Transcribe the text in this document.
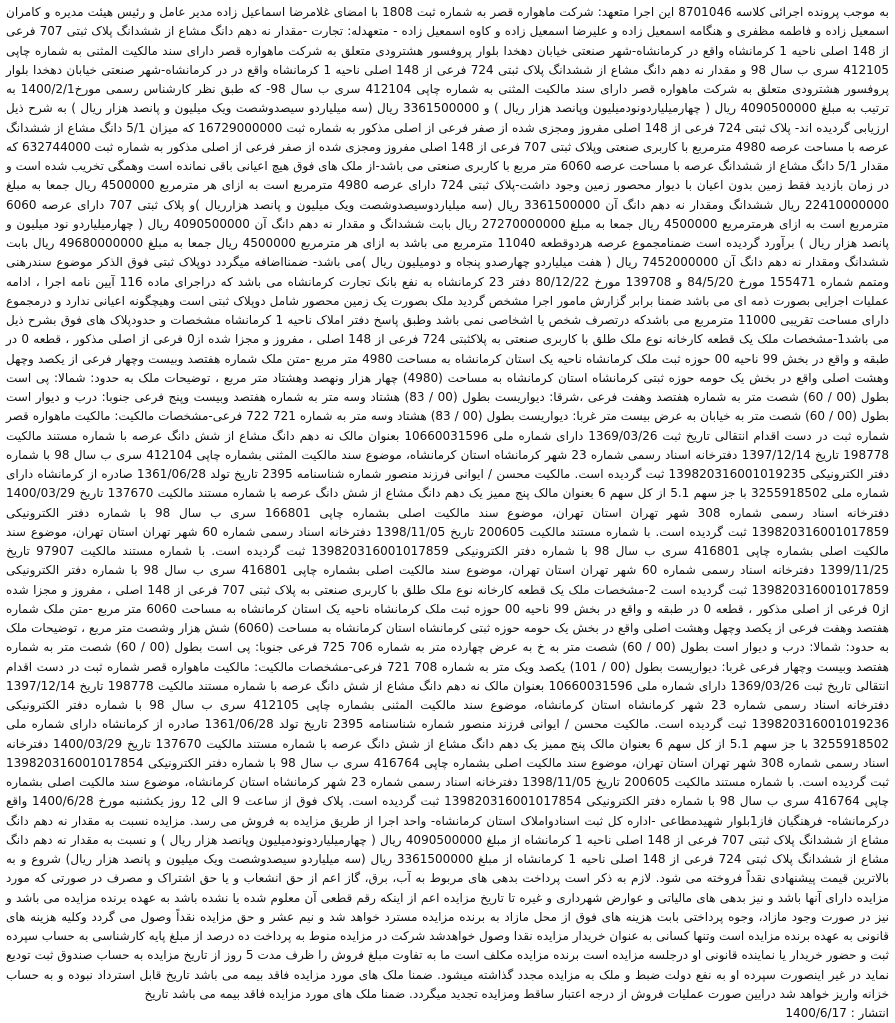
به موجب پرونده اجرائی کلاسه 8701046 این اجرا متعهد: شرکت ماهواره قصر به شماره ثبت 1808 با امضای غلامرضا اسماعیل زاده مدیر عامل و رئیس هیئت مدیره و کامران اسمعیل زاده و فاطمه مظفری و هنگامه اسمعیل زاده و علیرضا اسمعیل زاده و کاوه اسمعیل زاده - متعهدله: تجارت -مقدار نه دهم دانگ مشاع از ششدانگ پلاک ثبتی 707 فرعی از 148 اصلی ناحیه 1 کرمانشاه واقع در کرمانشاه-شهر صنعتی خیابان دهخدا بلوار پروفسور هشترودی متعلق به شرکت ماهواره قصر دارای سند مالکیت المثنی به شماره چاپی 412105 سری ب سال 98 و مقدار نه دهم دانگ مشاع از ششدانگ پلاک ثبتی 724 فرعی از 148 اصلی ناحیه 1 کرمانشاه واقع در در کرمانشاه-شهر صنعتی خیابان دهخدا بلوار پروفسور هشترودی متعلق به شرکت ماهواره قصر دارای سند مالکیت المثنی به شماره چاپی 412104 سری ب سال 98- که طبق نظر کارشناس رسمی مورخ1400/2/1 به ترتیب به مبلغ 4090500000 ریال ( چهارمیلیاردونودمیلیون وپانصد هزار ریال ) و 3361500000 ریال (سه میلیاردو سیصدوشصت ویک میلیون و پانصد هزار ریال ) به شرح ذیل ارزیابی گردیده اند- پلاک ثبتی 724 فرعی از 148 اصلی مفروز ومجزی شده از صفر فرعی از اصلی مذکور به شماره ثبت 16729000000 که میزان 5/1 دانگ مشاع از ششدانگ عرصه با مساحت عرصه 4980 مترمربع با کاربری صنعتی وپلاک ثبتی 707 فرعی از 148 اصلی مفروز ومجزی شده از صفر فرعی از اصلی مذکور به شماره ثبت 632744000 که مقدار 5/1 دانگ مشاع از ششدانگ عرصه با مساحت عرصه 6060 متر مربع با کاربری صنعتی می باشد-از ملک های فوق هیچ اعیانی باقی نمانده است وهمگی تخریب شده است و در زمان بازدید فقط زمین بدون اعیان با دیوار محصور زمین وجود داشت-پلاک ثبتی 724 دارای عرصه 4980 مترمربع است به ازای هر مترمربع 4500000 ریال جمعا به مبلغ 22410000000 ریال ششدانگ ومقدار نه دهم دانگ آن 3361500000 ریال (سه میلیاردوسیصدوشصت ویک میلیون و پانصد هزارریال )و پلاک ثبتی 707 دارای عرصه 6060 مترمربع است به ازای هرمترمربع 4500000 ریال جمعا به مبلغ 27270000000 ریال بابت ششدانگ و مقدار نه دهم دانگ آن 4090500000 ریال ( چهارمیلیاردو نود میلیون و پانصد هزار ریال ) برآورد گردیده است ضمنامجموع عرصه هردوقطعه 11040 مترمربع می باشد به ازای هر مترمربع 4500000 ریال جمعا به مبلغ 49680000000 ریال بابت ششدانگ ومقدار نه دهم دانگ آن 7452000000 ریال ( هفت میلیاردو چهارصدو پنجاه و دومیلیون ریال )می باشد- ضمنااضافه میگردد دوپلاک ثبتی فوق الذکر موضوع سندرهنی ومتمم شماره 155471 مورخ 84/5/20 و 139708 مورخ 80/12/22 دفتر 23 کرمانشاه به نفع بانک تجارت کرمانشاه می باشد که دراجرای ماده 116 آیین نامه اجرا ، ادامه عملیات اجرایی بصورت ذمه ای می باشد ضمنا برابر گزارش مامور اجرا مشخص گردید ملک بصورت یک زمین محصور شامل دوپلاک ثبتی است وهیچگونه اعیانی ندارد و درمجموع دارای مساحت تقریبی 11000 مترمربع می باشدکه درتصرف شخص یا اشخاصی نمی باشد وطبق پاسخ دفتر املاک ناحیه 1 کرمانشاه مشخصات و حدودپلاک های فوق بشرح ذیل می باشد1-مشخصات ملک یک قطعه کارخانه نوع ملک طلق با کاربری صنعتی به پلاکثبتی 724 فرعی از 148 اصلی ، مفروز و مجزا شده از0 فرعی از اصلی مذکور ، قطعه 0 در طبقه و واقع در بخش 99 ناحیه 00 حوزه ثبت ملک کرمانشاه ناحیه یک استان کرمانشاه به مساحت 4980 متر مربع -متن ملک شماره هفتصد وبیست وچهار فرعی از یکصد وچهل وهشت اصلی واقع در بخش یک حومه حوزه ثبتی کرمانشاه استان کرمانشاه به مساحت (4980) چهار هزار ونهصد وهشتاد متر مربع ، توضیحات ملک به حدود: شمالا: پی است بطول (00 / 60) شصت متر به شماره هفتصد وهفت فرعی ،شرقا: دیواریست بطول (00 / 83) هشتاد وسه متر به شماره هفتصد وبیست وپنج فرعی جنوبا: درب و دیوار است بطول (00 / 60) شصت متر به خیابان به عرض بیست متر غربا: دیواریست بطول (00 / 83) هشتاد وسه متر به شماره 721 722 فرعی-مشخصات مالکیت: مالکیت ماهواره قصر شماره ثبت در دست اقدام انتقالی تاریخ ثبت 1369/03/26 دارای شماره ملی 10660031596 بعنوان مالک نه دهم دانگ مشاع از شش دانگ عرصه با شماره مستند مالکیت 198778 تاریخ 1397/12/14 دفترخانه اسناد رسمی شماره 23 شهر کرمانشاه استان کرمانشاه، موضوع سند مالکیت المثنی بشماره چاپی 412104 سری ب سال 98 با شماره دفتر الکترونیکی 139820316001019235 ثبت گردیده است. مالکیت محسن / ایوانی فرزند منصور شماره شناسنامه 2395 تاریخ تولد 1361/06/28 صادره از کرمانشاه دارای شماره ملی 3255918502 با جز سهم 5.1 از کل سهم 6 بعنوان مالک پنج ممیز یک دهم دانگ مشاع از شش دانگ عرصه با شماره مستند مالکیت 137670 تاریخ 1400/03/29 دفترخانه اسناد رسمی شماره 308 شهر تهران استان تهران، موضوع سند مالکیت اصلی بشماره چاپی 166801 سری ب سال 98 با شماره دفتر الکترونیکی 139820316001017859 ثبت گردیده است. با شماره مستند مالکیت 200605 تاریخ 1398/11/05 دفترخانه اسناد رسمی شماره 60 شهر تهران استان تهران، موضوع سند مالکیت اصلی بشماره چاپی 416801 سری ب سال 98 با شماره دفتر الکترونیکی 139820316001017859 ثبت گردیده است. با شماره مستند مالکیت 97907 تاریخ 1399/11/25 دفترخانه اسناد رسمی شماره 60 شهر تهران استان تهران، موضوع سند مالکیت اصلی بشماره چاپی 416801 سری ب سال 98 با شماره دفتر الکترونیکی 139820316001017859 ثبت گردیده است 2-مشخصات ملک یک قطعه کارخانه نوع ملک طلق با کاربری صنعتی به پلاک ثبتی 707 فرعی از 148 اصلی ، مفروز و مجزا شده از0 فرعی از اصلی مذکور ، قطعه 0 در طبقه و واقع در بخش 99 ناحیه 00 حوزه ثبت ملک کرمانشاه ناحیه یک استان کرمانشاه به مساحت 6060 متر مربع -متن ملک شماره هفتصد وهفت فرعی از یکصد وچهل وهشت اصلی واقع در بخش یک حومه حوزه ثبتی کرمانشاه استان کرمانشاه به مساحت (6060) شش هزار وشصت متر مربع ، توضیحات ملک به حدود: شمالا: درب و دیوار است بطول (00 / 60) شصت متر به خ به عرض چهارده متر به شماره 706 725 فرعی جنوبا: پی است بطول (00 / 60) شصت متر به شماره هفتصد وبیست وچهار فرعی غربا: دیواریست بطول (00 / 101) یکصد ویک متر به شماره 708 721 فرعی-مشخصات مالکیت: مالکیت ماهواره قصر شماره ثبت در دست اقدام انتقالی تاریخ ثبت 1369/03/26 دارای شماره ملی 10660031596 بعنوان مالک نه دهم دانگ مشاع از شش دانگ عرصه با شماره مستند مالکیت 198778 تاریخ 1397/12/14 دفترخانه اسناد رسمی شماره 23 شهر کرمانشاه استان کرمانشاه، موضوع سند مالکیت المثنی بشماره چاپی 412105 سری ب سال 98 با شماره دفتر الکترونیکی 139820316001019236 ثبت گردیده است. مالکیت محسن / ایوانی فرزند منصور شماره شناسنامه 2395 تاریخ تولد 1361/06/28 صادره از کرمانشاه دارای شماره ملی 3255918502 با جز سهم 5.1 از کل سهم 6 بعنوان مالک پنج ممیز یک دهم دانگ مشاع از شش دانگ عرصه با شماره مستند مالکیت 137670 تاریخ 1400/03/29 دفترخانه اسناد رسمی شماره 308 شهر تهران استان تهران، موضوع سند مالکیت اصلی بشماره چاپی 416764 سری ب سال 98 با شماره دفتر الکترونیکی 139820316001017854 ثبت گردیده است. با شماره مستند مالکیت 200605 تاریخ 1398/11/05 دفترخانه اسناد رسمی شماره 23 شهر کرمانشاه استان کرمانشاه، موضوع سند مالکیت اصلی بشماره چاپی 416764 سری ب سال 98 با شماره دفتر الکترونیکی 139820316001017854 ثبت گردیده است. پلاک فوق از ساعت 9 الی 12 روز یکشنبه مورخ 1400/6/28 واقع درکرمانشاه- فرهنگیان فاز1بلوار شهیدمطاعی -اداره کل ثبت اسنادواملاک استان کرمانشاه- واحد اجرا از طریق مزایده به فروش می رسد. مزایده نسبت به مقدار نه دهم دانگ مشاع از ششدانگ پلاک ثبتی 707 فرعی از 148 اصلی ناحیه 1 کرمانشاه از مبلغ 4090500000 ریال ( چهارمیلیاردونودمیلیون وپانصد هزار ریال ) و نسبت به مقدار نه دهم دانگ مشاع از ششدانگ پلاک ثبتی 724 فرعی از 148 اصلی ناحیه 1 کرمانشاه از مبلغ 3361500000 ریال (سه میلیاردو سیصدوشصت ویک میلیون و پانصد هزار ریال) شروع و به بالاترین قیمت پیشنهادی نقداً فروخته می شود. لازم به ذکر است پرداخت بدهی های مربوط به آب، برق، گاز اعم از حق انشعاب و یا حق اشتراک و مصرف در صورتی که مورد مزایده دارای آنها باشد و نیز بدهی های مالیاتی و عوارض شهرداری و غیره تا تاریخ مزایده اعم از اینکه رقم قطعی آن معلوم شده یا نشده باشد به عهده برنده مزایده می باشد و نیز در صورت وجود مازاد، وجوه پرداختی بابت هزینه های فوق از محل مازاد به برنده مزایده مسترد خواهد شد و نیم عشر و حق مزایده نقداً وصول می گردد وکلیه هزینه های قانونی به عهده برنده مزایده است وتنها کسانی به عنوان خریدار مزایده نقدا وصول خواهدشد شرکت در مزایده منوط به پرداخت ده درصد از مبلغ پایه کارشناسی به حساب سپرده ثبت و حضور خریدار یا نماینده قانونی او درجلسه مزایده است برنده مزایده مکلف است ما به تفاوت مبلغ فروش را ظرف مدت 5 روز از تاریخ مزایده به حساب صندوق ثبت تودیع نماید در غیر اینصورت سپرده او به نفع دولت ضبط و ملک به مزایده مجدد گذاشته میشود. ضمنا ملک های مورد مزایده فاقد بیمه می باشد تاریخ قابل استرداد نبوده و به حساب خزانه واریز خواهد شد درایین صورت عملیات فروش از درجه اعتبار ساقط ومزایده تجدید میگردد. ضمنا ملک های مورد مزایده فاقد بیمه می باشد تاریخ

انتشار : 1400/6/17
